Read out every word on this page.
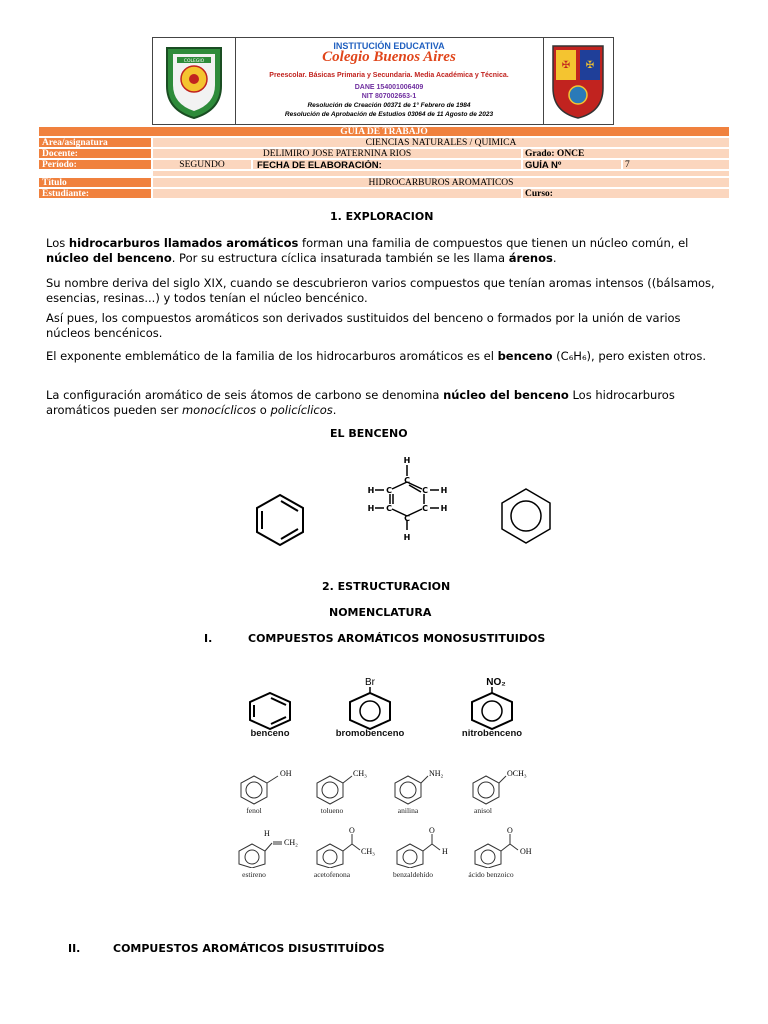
COLEGIO
INSTITUCIÓN EDUCATIVA
Colegio Buenos Aires
Preescolar. Básicas Primaria y Secundaria. Media Académica y Técnica.
DANE 154001006409
NIT 807002663-1
Resolución de Creación 00371 de 1° Febrero de 1984
Resolución de Aprobación de Estudios 03064 de 11 Agosto de 2023
✠ ✠
GUIA DE TRABAJO
Área/asignatura	CIENCIAS NATURALES / QUÍMICA
Docente:	DELIMIRO JOSE PATERNINA RIOS	Grado: ONCE
Período:	SEGUNDO	FECHA DE ELABORACIÓN:	GUÍA Nº	7
Título	HIDROCARBUROS AROMATICOS
Estudiante:	Curso:
1. EXPLORACION
Los hidrocarburos llamados aromáticos forman una familia de compuestos que tienen un núcleo común, el núcleo del benceno. Por su estructura cíclica insaturada también se les llama árenos.
Su nombre deriva del siglo XIX, cuando se descubrieron varios compuestos que tenían aromas intensos ((bálsamos, esencias, resinas...) y todos tenían el núcleo bencénico.
Así pues, los compuestos aromáticos son derivados sustituidos del benceno o formados por la unión de varios núcleos bencénicos.
El exponente emblemático de la familia de los hidrocarburos aromáticos es el benceno (C₆H₆), pero existen otros.
La configuración aromático de seis átomos de carbono se denomina núcleo del benceno Los hidrocarburos aromáticos pueden ser monocíclicos o policíclicos.
EL BENCENO
H
C
C	C
C	C
C
H
H
H
H
H
2. ESTRUCTURACION
NOMENCLATURA
I.	COMPUESTOS AROMÁTICOS MONOSUSTITUIDOS
benceno
Br
bromobenceno
NO₂
nitrobenceno
OH
fenol
CH₃
tolueno
NH₂
anilina
OCH₃
anisol
H
CH₂
estireno
O
CH₃
acetofenona
O
H
benzaldehído
O
OH
ácido benzoico
II.	COMPUESTOS AROMÁTICOS DISUSTITUÍDOS
